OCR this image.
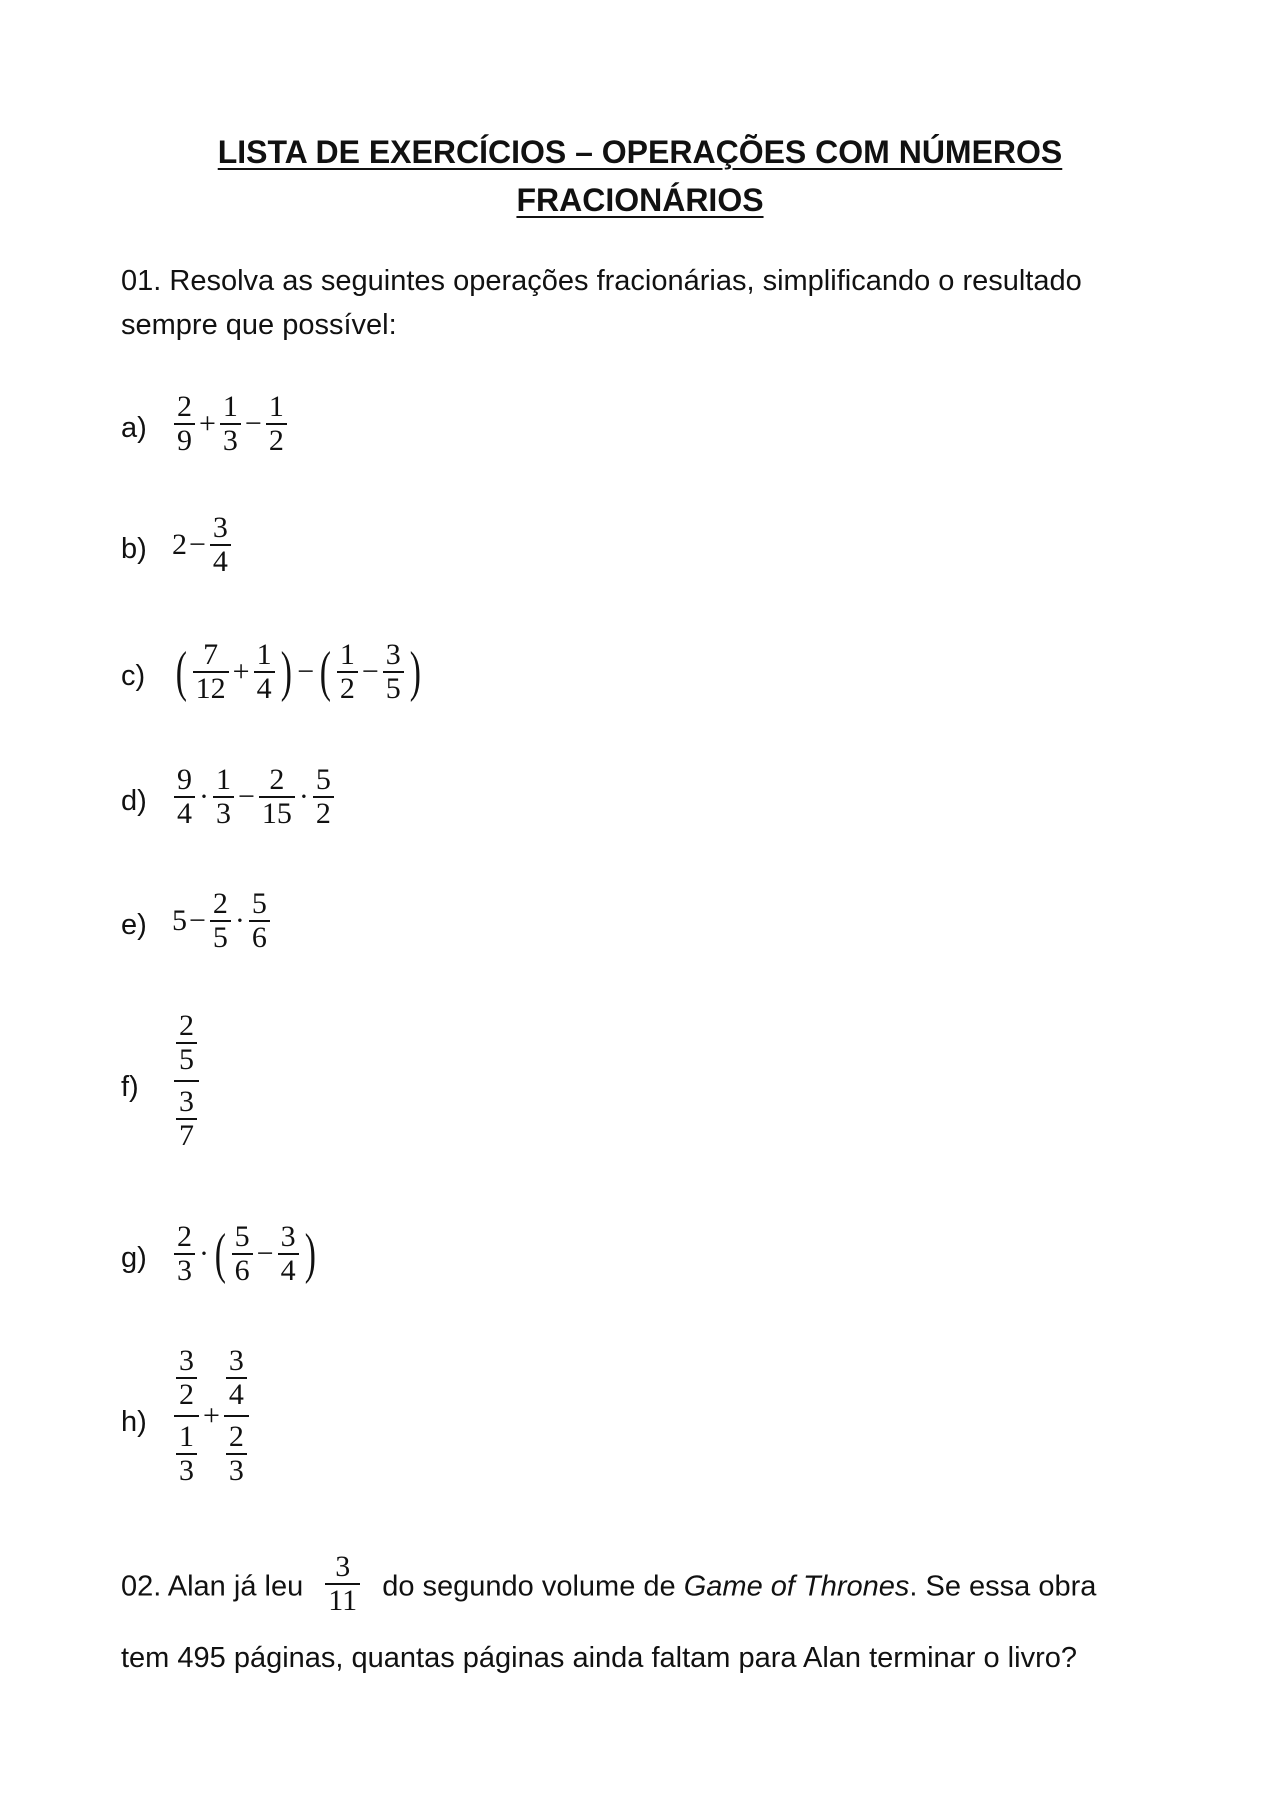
LISTA DE EXERCÍCIOS – OPERAÇÕES COM NÚMEROS
FRACIONÁRIOS
01. Resolva as seguintes operações fracionárias, simplificando o resultado sempre que possível:
$a) \frac{2}{9} + \frac{1}{3} - \frac{1}{2}$
b) $2 - \frac{3}{4}$
c) ( $\frac{7}{12} + \frac{1}{4}$ ) − ( $\frac{1}{2} - \frac{3}{5}$ )
$d) \frac{9}{4} \cdot \frac{1}{3} - \frac{2}{15} \cdot \frac{5}{2}$
e) $5 - \frac{2}{5} \cdot \frac{5}{6}$
$f) \frac{\frac{2}{5}}{\frac{3}{7}}$
$g) \frac{2}{3}$ · ( $\frac{5}{6} - \frac{3}{4}$ )
$h) \frac{\frac{3}{2}}{\frac{1}{3}} + \frac{\frac{3}{4}}{\frac{2}{3}}$
02. Alan já leu $\frac{3}{11}$ do segundo volume de Game of Thrones. Se essa obra
tem 495 páginas, quantas páginas ainda faltam para Alan terminar o livro?
